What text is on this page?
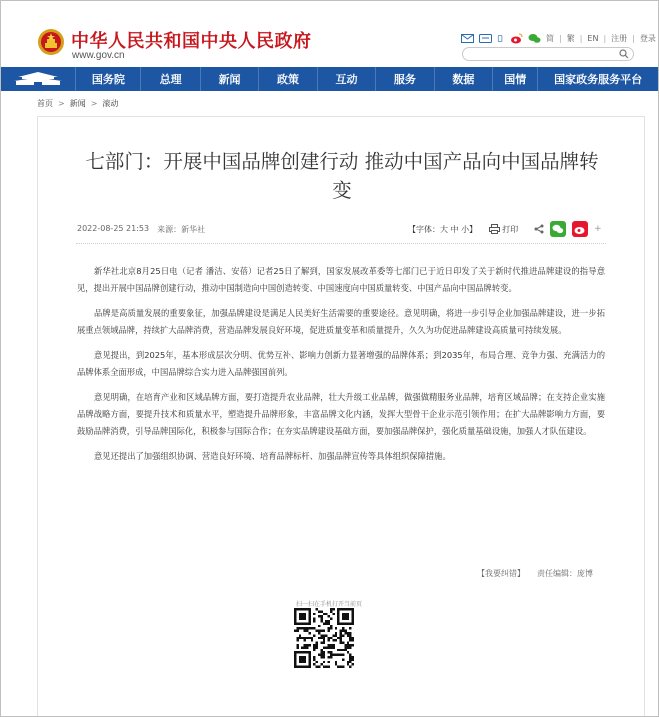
中华人民共和国中央人民政府
www.gov.cn
简 | 繁 | EN | 注册 | 登录
国务院	总理	新闻	政策	互动	服务	数据	国情	国家政务服务平台
首页 > 新闻 > 滚动
七部门：开展中国品牌创建行动 推动中国产品向中国品牌转变
2022-08-25 21:53 来源：新华社	【字体：大 中 小】	打印	+

新华社北京8月25日电（记者 潘洁、安蓓）记者25日了解到，国家发展改革委等七部门已于近日印发了关于新时代推进品牌建设的指导意见，提出开展中国品牌创建行动，推动中国制造向中国创造转变、中国速度向中国质量转变、中国产品向中国品牌转变。

品牌是高质量发展的重要象征，加强品牌建设是满足人民美好生活需要的重要途径。意见明确，将进一步引导企业加强品牌建设，进一步拓展重点领域品牌，持续扩大品牌消费，营造品牌发展良好环境，促进质量变革和质量提升，久久为功促进品牌建设高质量可持续发展。

意见提出，到2025年，基本形成层次分明、优势互补、影响力创新力显著增强的品牌体系；到2035年，布局合理、竞争力强、充满活力的品牌体系全面形成，中国品牌综合实力进入品牌强国前列。

意见明确，在培育产业和区域品牌方面，要打造提升农业品牌，壮大升级工业品牌，做强做精服务业品牌，培育区域品牌；在支持企业实施品牌战略方面，要提升技术和质量水平，塑造提升品牌形象，丰富品牌文化内涵，发挥大型骨干企业示范引领作用；在扩大品牌影响力方面，要鼓励品牌消费，引导品牌国际化，积极参与国际合作；在夯实品牌建设基础方面，要加强品牌保护，强化质量基础设施，加强人才队伍建设。

意见还提出了加强组织协调、营造良好环境、培育品牌标杆、加强品牌宣传等具体组织保障措施。

【我要纠错】 责任编辑：庞博
扫一扫在手机打开当前页
